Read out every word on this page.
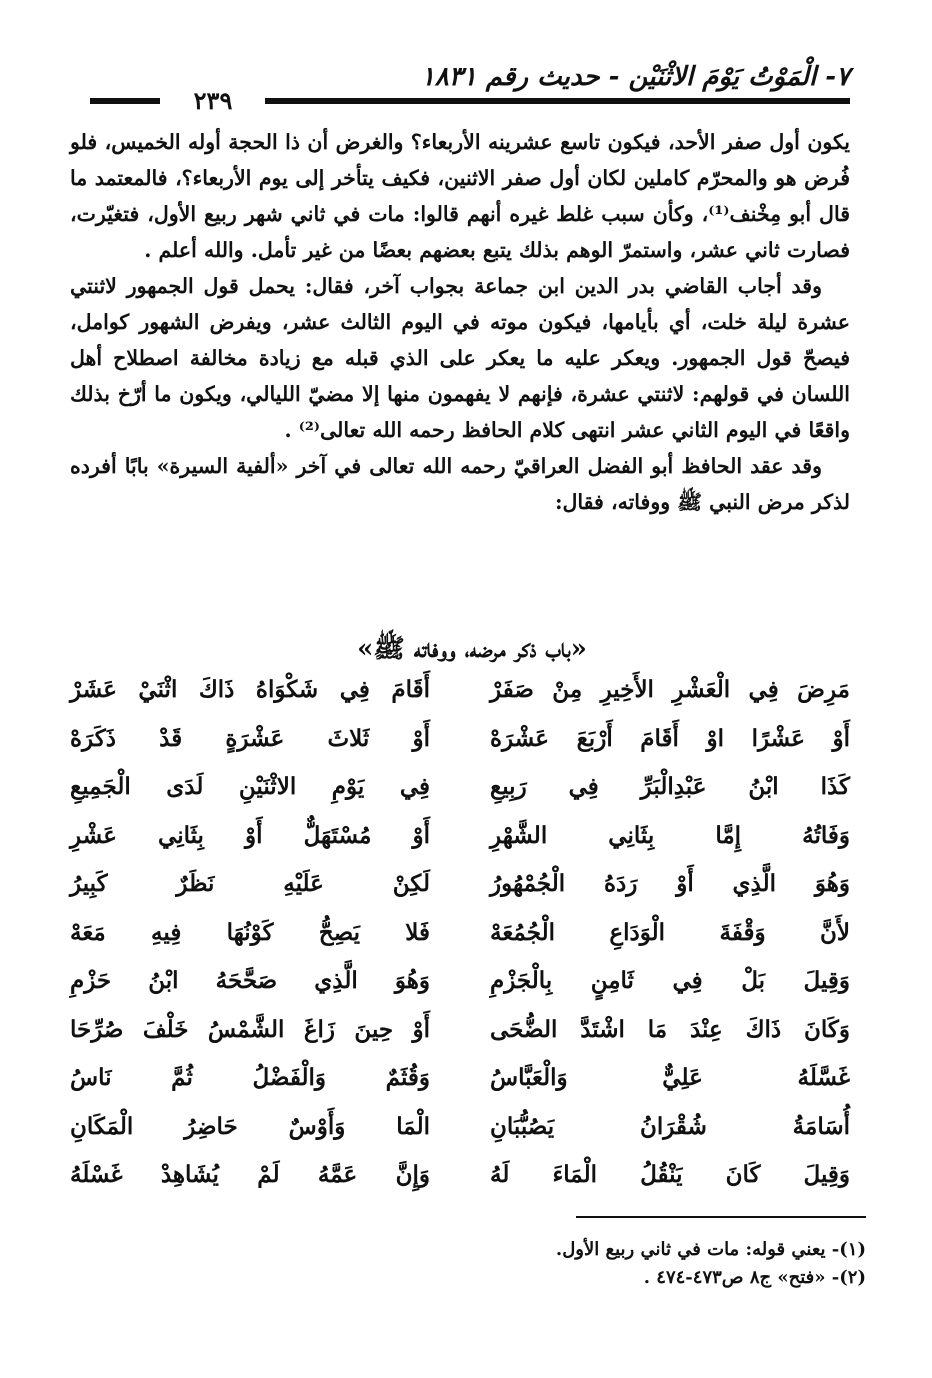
٧- الْمَوْتُ يَوْمَ الاثْنَيْن - حديث رقم ١٨٣١
٢٣٩

يكون أول صفر الأحد، فيكون تاسع عشرينه الأربعاء؟ والغرض أن ذا الحجة أوله الخميس، فلو فُرض هو والمحرّم كاملين لكان أول صفر الاثنين، فكيف يتأخر إلى يوم الأربعاء؟، فالمعتمد ما قال أبو مِخْنف⁽¹⁾، وكأن سبب غلط غيره أنهم قالوا: مات في ثاني شهر ربيع الأول، فتغيّرت، فصارت ثاني عشر، واستمرّ الوهم بذلك يتبع بعضهم بعضًا من غير تأمل. والله أعلم .

وقد أجاب القاضي بدر الدين ابن جماعة بجواب آخر، فقال: يحمل قول الجمهور لاثنتي عشرة ليلة خلت، أي بأيامها، فيكون موته في اليوم الثالث عشر، ويفرض الشهور كوامل، فيصحّ قول الجمهور. ويعكر عليه ما يعكر على الذي قبله مع زيادة مخالفة اصطلاح أهل اللسان في قولهم: لاثنتي عشرة، فإنهم لا يفهمون منها إلا مضيّ الليالي، ويكون ما أرّخ بذلك واقعًا في اليوم الثاني عشر انتهى كلام الحافظ رحمه الله تعالى⁽²⁾ .

وقد عقد الحافظ أبو الفضل العراقيّ رحمه الله تعالى في آخر «ألفية السيرة» بابًا أفرده لذكر مرض النبي ﷺ ووفاته، فقال:

«باب ذكر مرضه، ووفاته ﷺ»
مَرِضَ فِي الْعَشْرِ الأَخِيرِ مِنْ صَفَرْ
أَقَامَ فِي شَكْوَاهُ ذَاكَ اثْنَيْ عَشَرْ
أَوْ عَشْرًا اوْ أَقَامَ أَرْبَعَ عَشْرَهْ
أَوْ ثَلاثَ عَشْرَةٍ قَدْ ذَكَرَهْ
كَذَا ابْنُ عَبْدِالْبَرِّ فِي رَبِيعِ
فِي يَوْمِ الاثْنَيْنِ لَدَى الْجَمِيعِ
وَفَاتُهُ إِمَّا بِثَانِي الشَّهْرِ
أَوْ مُسْتَهَلٌّ أَوْ بِثَانِي عَشْرِ
وَهُوَ الَّذِي أَوْ رَدَهُ الْجُمْهُورُ
لَكِنْ عَلَيْهِ نَظَرٌ كَبِيرُ
لأَنَّ وَقْفَةَ الْوَدَاعِ الْجُمُعَهْ
فَلا يَصِحُّ كَوْنُهَا فِيهِ مَعَهْ
وَقِيلَ بَلْ فِي ثَامِنٍ بِالْجَزْمِ
وَهُوَ الَّذِي صَحَّحَهُ ابْنُ حَزْمِ
وَكَانَ ذَاكَ عِنْدَ مَا اشْتَدَّ الضُّحَى
أَوْ حِينَ زَاغَ الشَّمْسُ خَلْفَ صُرِّحَا
غَسَّلَهُ عَلِيٌّ وَالْعَبَّاسُ
وَقُثَمٌ وَالْفَضْلُ ثُمَّ نَاسُ
أُسَامَةُ شُقْرَانُ يَصُبُّبَانِ
الْمَا وَأَوْسٌ حَاضِرُ الْمَكَانِ
وَقِيلَ كَانَ يَنْقُلُ الْمَاءَ لَهُ
وَإِنَّ عَمَّهُ لَمْ يُشَاهِدْ غَسْلَهُ

(١)- يعني قوله: مات في ثاني ربيع الأول.

(٢)- «فتح» ج٨ ص٤٧٣-٤٧٤ .
